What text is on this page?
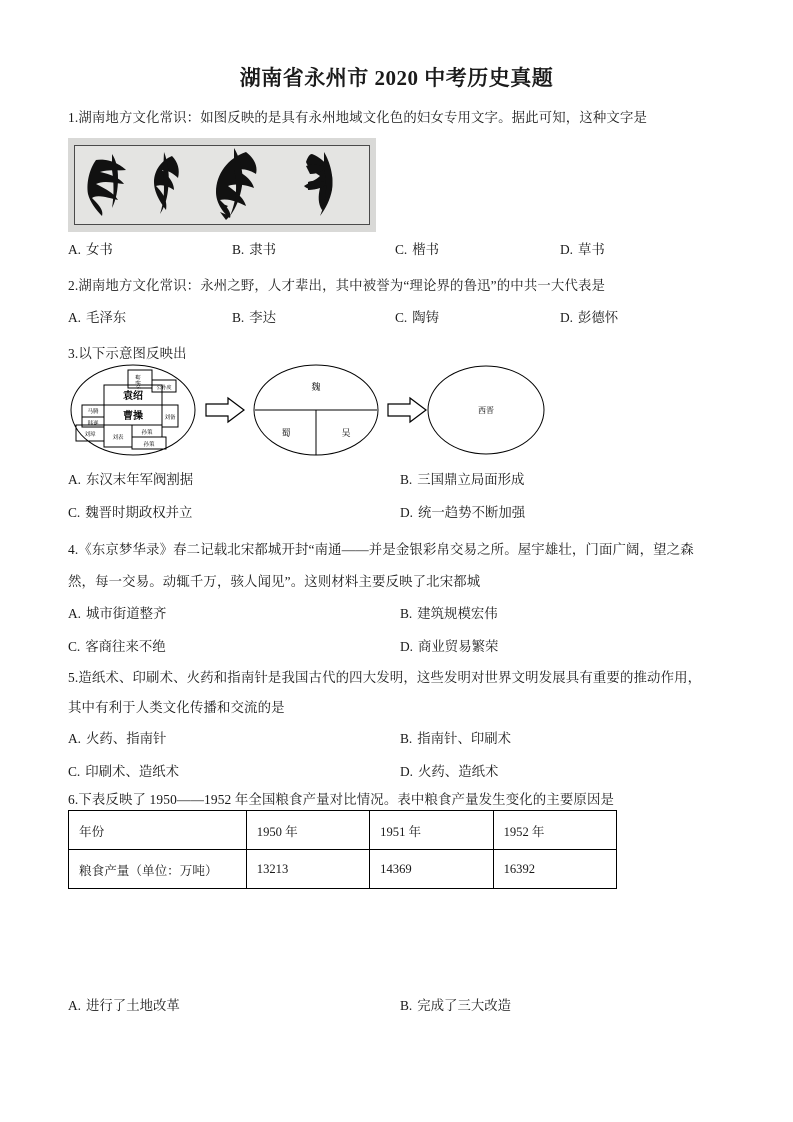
湖南省永州市 2020 中考历史真题
1.湖南地方文化常识：如图反映的是具有永州地域文化色的妇女专用文字。据此可知，这种文字是
A. 女书	B. 隶书	C. 楷书	D. 草书
2.湖南地方文化常识：永州之野，人才辈出，其中被誉为“理论界的鲁迅”的中共一大代表是
A. 毛泽东	B. 李达	C. 陶铸	D. 彭德怀
3.以下示意图反映出
袁绍
曹操
马腾
韩遂
刘备
公孙瓒	公孙度
刘表
孙策
孙策
刘璋
魏
蜀	吴
西晋
A. 东汉末年军阀割据	B. 三国鼎立局面形成
C. 魏晋时期政权并立	D. 统一趋势不断加强
4.《东京梦华录》春二记载北宋都城开封“南通——并是金银彩帛交易之所。屋宇雄壮，门面广阔，望之森
然，每一交易。动辄千万，骇人闻见”。这则材料主要反映了北宋都城
A. 城市街道整齐	B. 建筑规模宏伟
C. 客商往来不绝	D. 商业贸易繁荣
5.造纸术、印刷术、火药和指南针是我国古代的四大发明，这些发明对世界文明发展具有重要的推动作用，
其中有利于人类文化传播和交流的是
A. 火药、指南针	B. 指南针、印刷术
C. 印刷术、造纸术	D. 火药、造纸术
6.下表反映了 1950——1952 年全国粮食产量对比情况。表中粮食产量发生变化的主要原因是
年份	1950 年	1951 年	1952 年
粮食产量（单位：万吨）	13213	14369	16392
A. 进行了土地改革	B. 完成了三大改造
